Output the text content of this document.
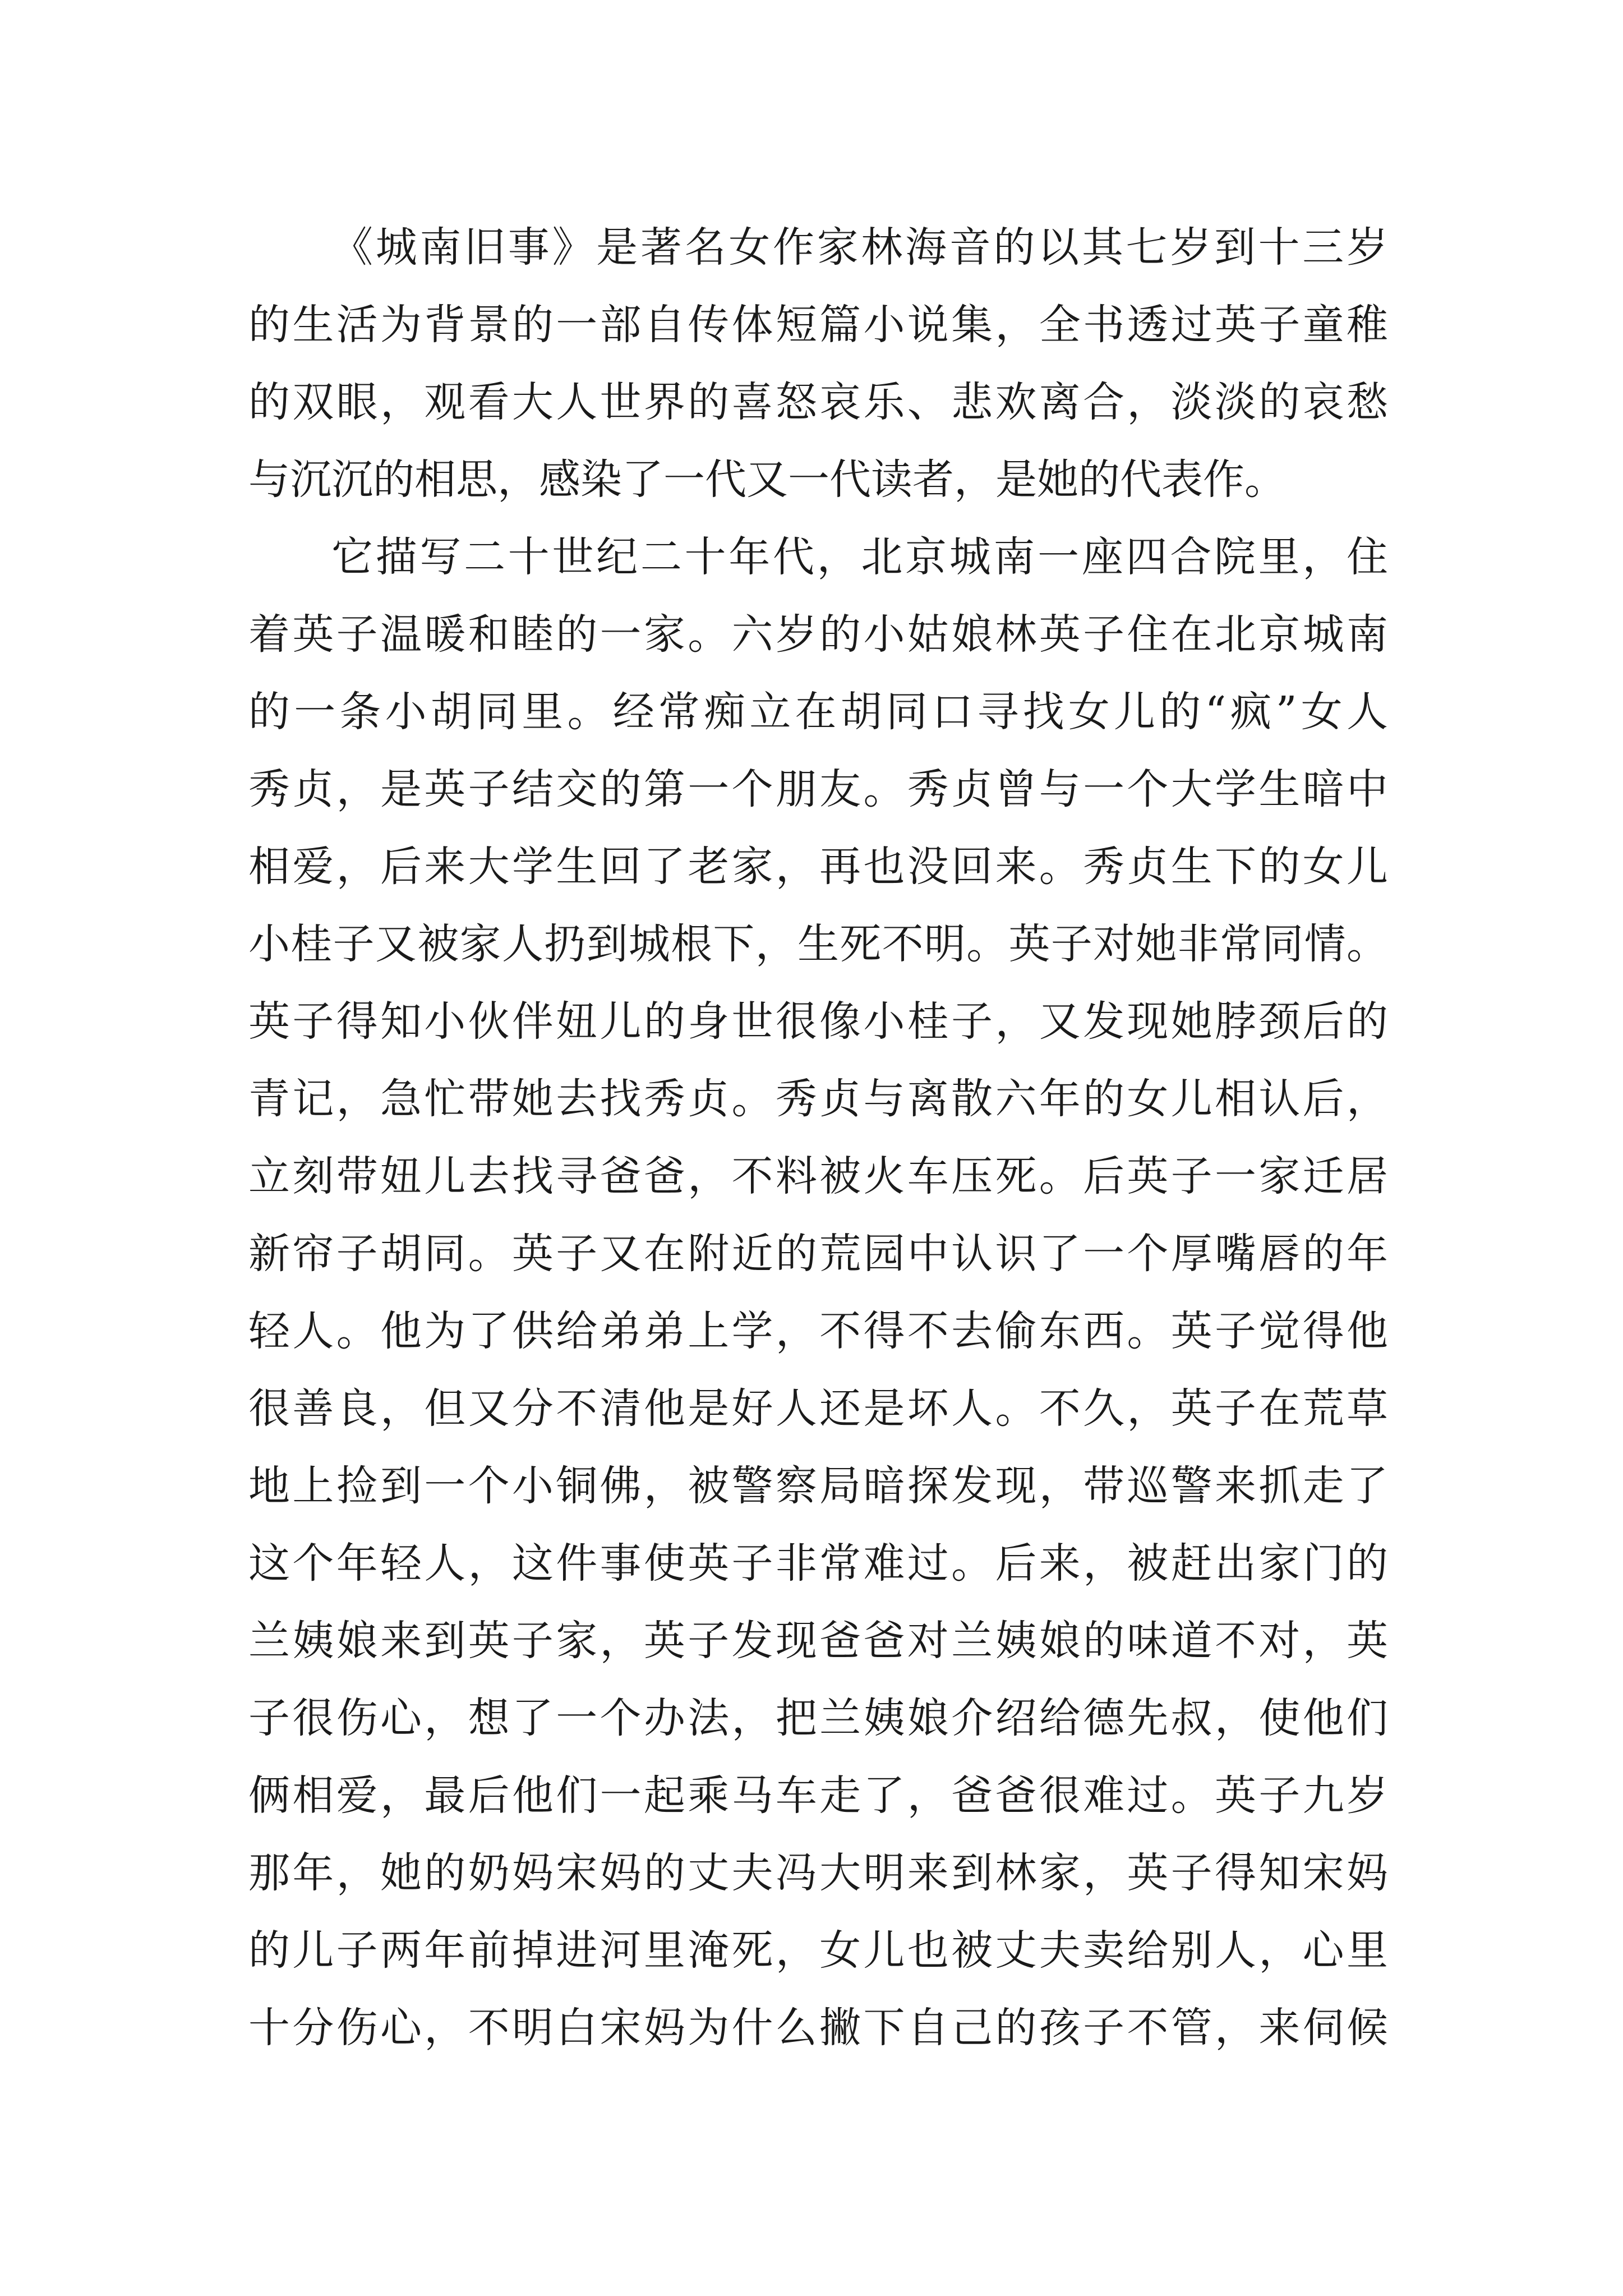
《城南旧事》是著名女作家林海音的以其七岁到十三岁
的生活为背景的一部自传体短篇小说集，全书透过英子童稚
的双眼，观看大人世界的喜怒哀乐、悲欢离合，淡淡的哀愁
与沉沉的相思，感染了一代又一代读者，是她的代表作。
它描写二十世纪二十年代，北京城南一座四合院里，住
着英子温暖和睦的一家。六岁的小姑娘林英子住在北京城南
的一条小胡同里。经常痴立在胡同口寻找女儿的“疯”女人
秀贞，是英子结交的第一个朋友。秀贞曾与一个大学生暗中
相爱，后来大学生回了老家，再也没回来。秀贞生下的女儿
小桂子又被家人扔到城根下，生死不明。英子对她非常同情。
英子得知小伙伴妞儿的身世很像小桂子，又发现她脖颈后的
青记，急忙带她去找秀贞。秀贞与离散六年的女儿相认后，
立刻带妞儿去找寻爸爸，不料被火车压死。后英子一家迁居
新帘子胡同。英子又在附近的荒园中认识了一个厚嘴唇的年
轻人。他为了供给弟弟上学，不得不去偷东西。英子觉得他
很善良，但又分不清他是好人还是坏人。不久，英子在荒草
地上捡到一个小铜佛，被警察局暗探发现，带巡警来抓走了
这个年轻人，这件事使英子非常难过。后来，被赶出家门的
兰姨娘来到英子家，英子发现爸爸对兰姨娘的味道不对，英
子很伤心，想了一个办法，把兰姨娘介绍给德先叔，使他们
俩相爱，最后他们一起乘马车走了，爸爸很难过。英子九岁
那年，她的奶妈宋妈的丈夫冯大明来到林家，英子得知宋妈
的儿子两年前掉进河里淹死，女儿也被丈夫卖给别人，心里
十分伤心，不明白宋妈为什么撇下自己的孩子不管，来伺候
